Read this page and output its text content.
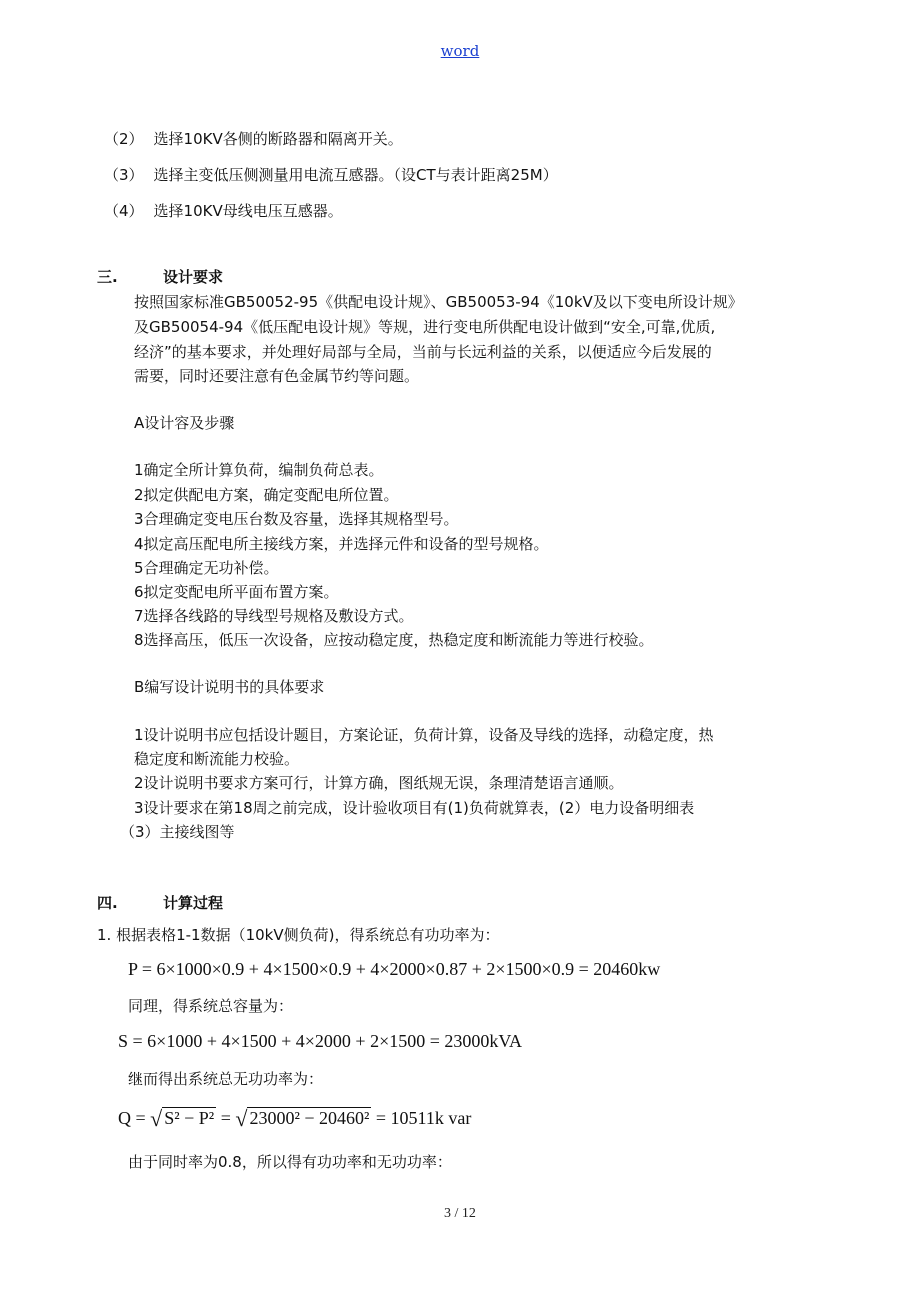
word
（2） 选择10KV各侧的断路器和隔离开关。
（3） 选择主变低压侧测量用电流互感器。（设CT与表计距离25M）
（4） 选择10KV母线电压互感器。
三.	设计要求
按照国家标准GB50052-95《供配电设计规》、GB50053-94《10kV及以下变电所设计规》
及GB50054-94《低压配电设计规》等规，进行变电所供配电设计做到“安全,可靠,优质,
经济”的基本要求，并处理好局部与全局，当前与长远利益的关系，以便适应今后发展的
需要，同时还要注意有色金属节约等问题。
A设计容及步骤
1确定全所计算负荷，编制负荷总表。
2拟定供配电方案，确定变配电所位置。
3合理确定变电压台数及容量，选择其规格型号。
4拟定高压配电所主接线方案，并选择元件和设备的型号规格。
5合理确定无功补偿。
6拟定变配电所平面布置方案。
7选择各线路的导线型号规格及敷设方式。
8选择高压，低压一次设备，应按动稳定度，热稳定度和断流能力等进行校验。
B编写设计说明书的具体要求
1设计说明书应包括设计题目，方案论证，负荷计算，设备及导线的选择，动稳定度，热
稳定度和断流能力校验。
2设计说明书要求方案可行，计算方确，图纸规无误，条理清楚语言通顺。
3设计要求在第18周之前完成，设计验收项目有(1)负荷就算表，(2）电力设备明细表
（3）主接线图等
四.	计算过程
1. 根据表格1-1数据（10kV侧负荷)，得系统总有功功率为：
P = 6×1000×0.9 + 4×1500×0.9 + 4×2000×0.87 + 2×1500×0.9 = 20460kw
同理，得系统总容量为：
S = 6×1000 + 4×1500 + 4×2000 + 2×1500 = 23000kVA
继而得出系统总无功功率为：
Q = √ S² − P² = √ 23000² − 20460² = 10511k var
由于同时率为0.8，所以得有功功率和无功功率：
3 / 12
